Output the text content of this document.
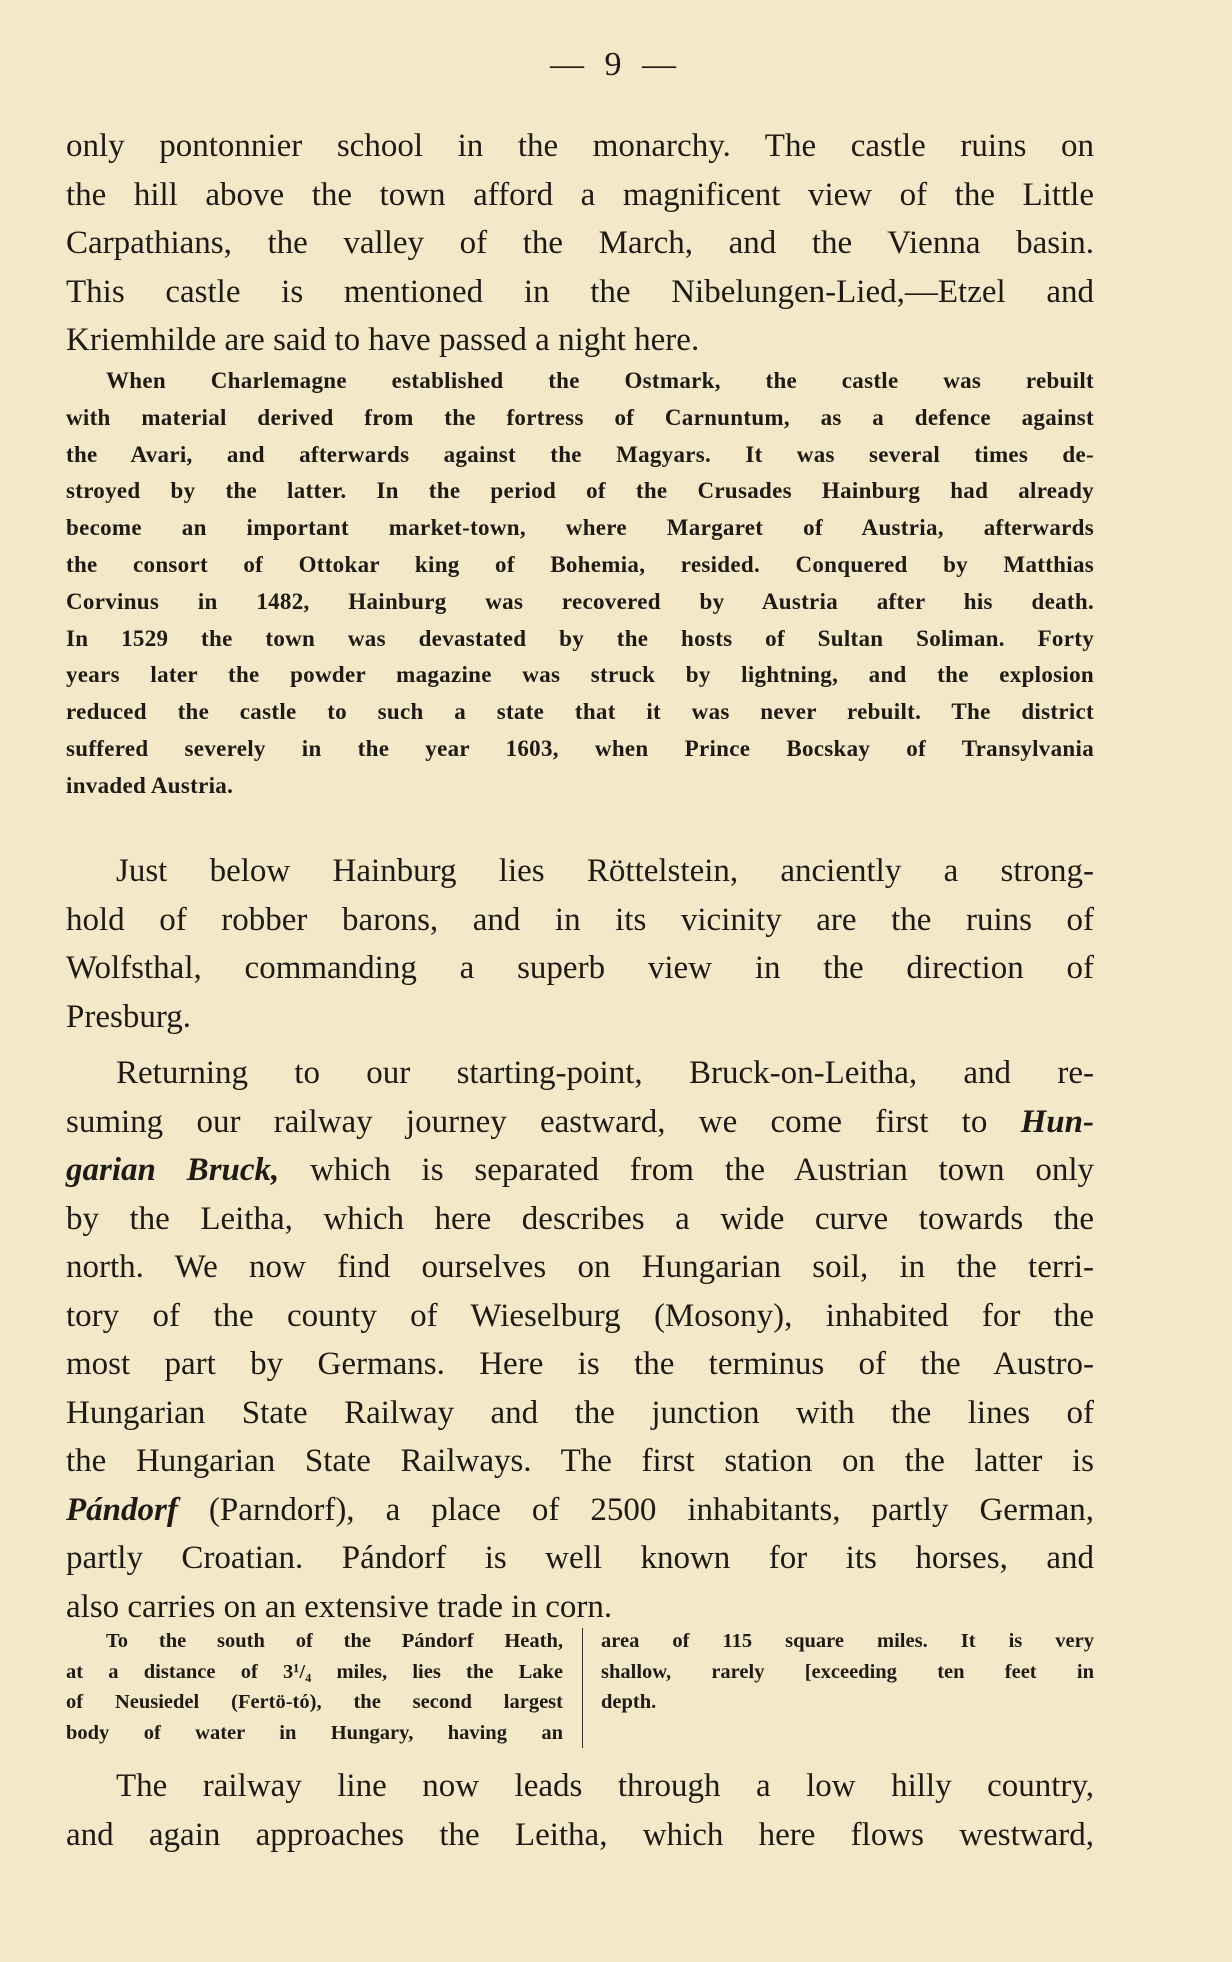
— 9 —
only pontonnier school in the monarchy. The castle ruins on
the hill above the town afford a magnificent view of the Little
Carpathians, the valley of the March, and the Vienna basin.
This castle is mentioned in the Nibelungen-Lied,—Etzel and
Kriemhilde are said to have passed a night here.
When Charlemagne established the Ostmark, the castle was rebuilt
with material derived from the fortress of Carnuntum, as a defence against
the Avari, and afterwards against the Magyars. It was several times de-
stroyed by the latter. In the period of the Crusades Hainburg had already
become an important market-town, where Margaret of Austria, afterwards
the consort of Ottokar king of Bohemia, resided. Conquered by Matthias
Corvinus in 1482, Hainburg was recovered by Austria after his death.
In 1529 the town was devastated by the hosts of Sultan Soliman. Forty
years later the powder magazine was struck by lightning, and the explosion
reduced the castle to such a state that it was never rebuilt. The district
suffered severely in the year 1603, when Prince Bocskay of Transylvania
invaded Austria.
Just below Hainburg lies Röttelstein, anciently a strong-
hold of robber barons, and in its vicinity are the ruins of
Wolfsthal, commanding a superb view in the direction of
Presburg.
Returning to our starting-point, Bruck-on-Leitha, and re-
suming our railway journey eastward, we come first to Hun-
garian Bruck, which is separated from the Austrian town only
by the Leitha, which here describes a wide curve towards the
north. We now find ourselves on Hungarian soil, in the terri-
tory of the county of Wieselburg (Mosony), inhabited for the
most part by Germans. Here is the terminus of the Austro-
Hungarian State Railway and the junction with the lines of
the Hungarian State Railways. The first station on the latter is
Pándorf (Parndorf), a place of 2500 inhabitants, partly German,
partly Croatian. Pándorf is well known for its horses, and
also carries on an extensive trade in corn.
To the south of the Pándorf Heath,
at a distance of 3¹/₄ miles, lies the Lake
of Neusiedel (Fertö-tó), the second largest
body of water in Hungary, having an
area of 115 square miles. It is very
shallow, rarely [exceeding ten feet in
depth.
The railway line now leads through a low hilly country,
and again approaches the Leitha, which here flows westward,
